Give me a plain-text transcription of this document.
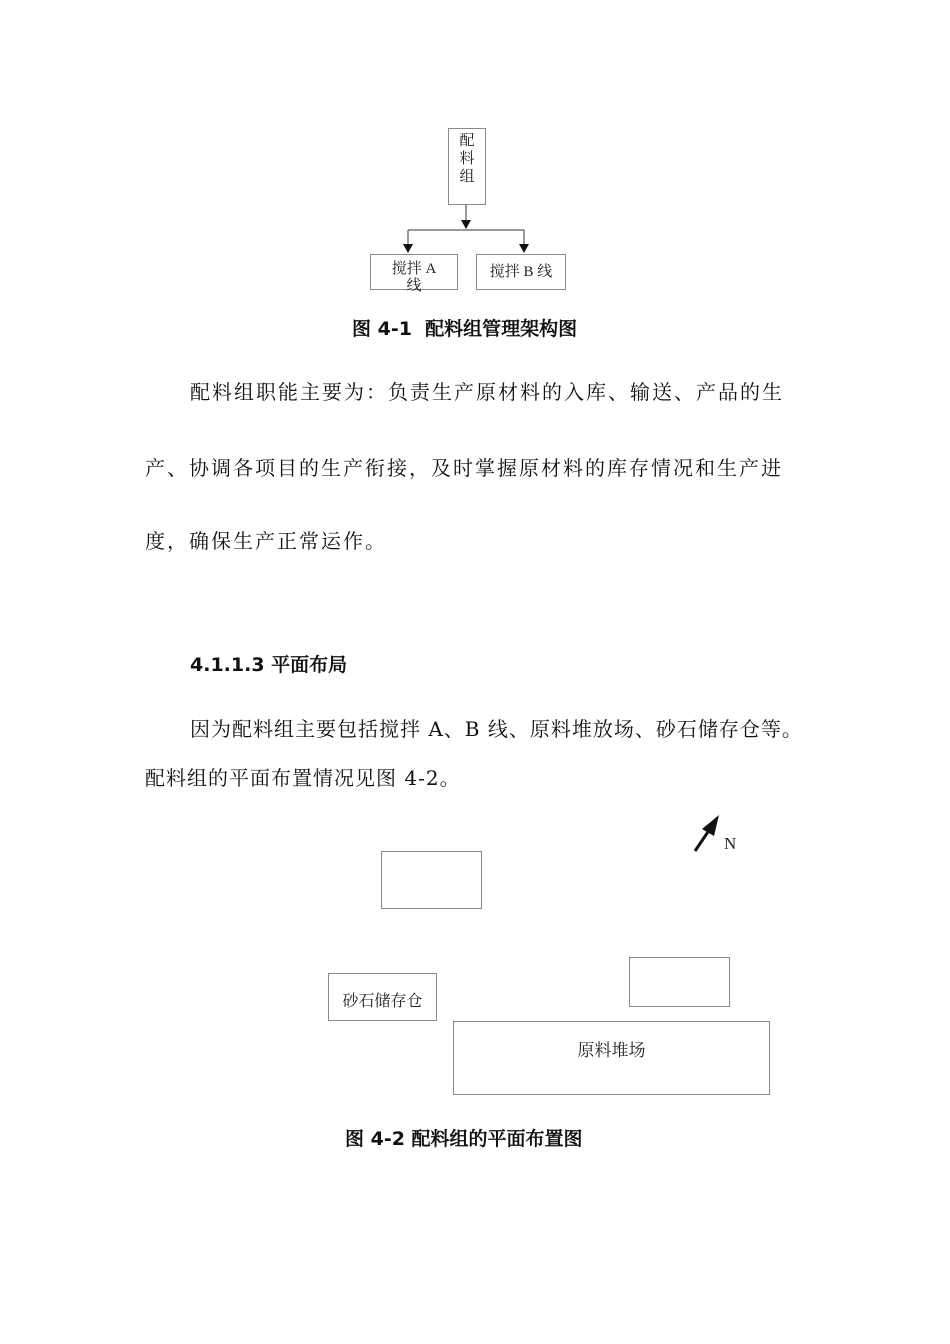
配
料
组
搅拌 A
线
搅拌 B 线
图 4-1  配料组管理架构图
配料组职能主要为：负责生产原材料的入库、输送、产品的生
产、协调各项目的生产衔接，及时掌握原材料的库存情况和生产进
度，确保生产正常运作。
4.1.1.3 平面布局
因为配料组主要包括搅拌 A、B 线、原料堆放场、砂石储存仓等。
配料组的平面布置情况见图 4-2。
N

砂石储存仓
原料堆场
图 4-2 配料组的平面布置图
